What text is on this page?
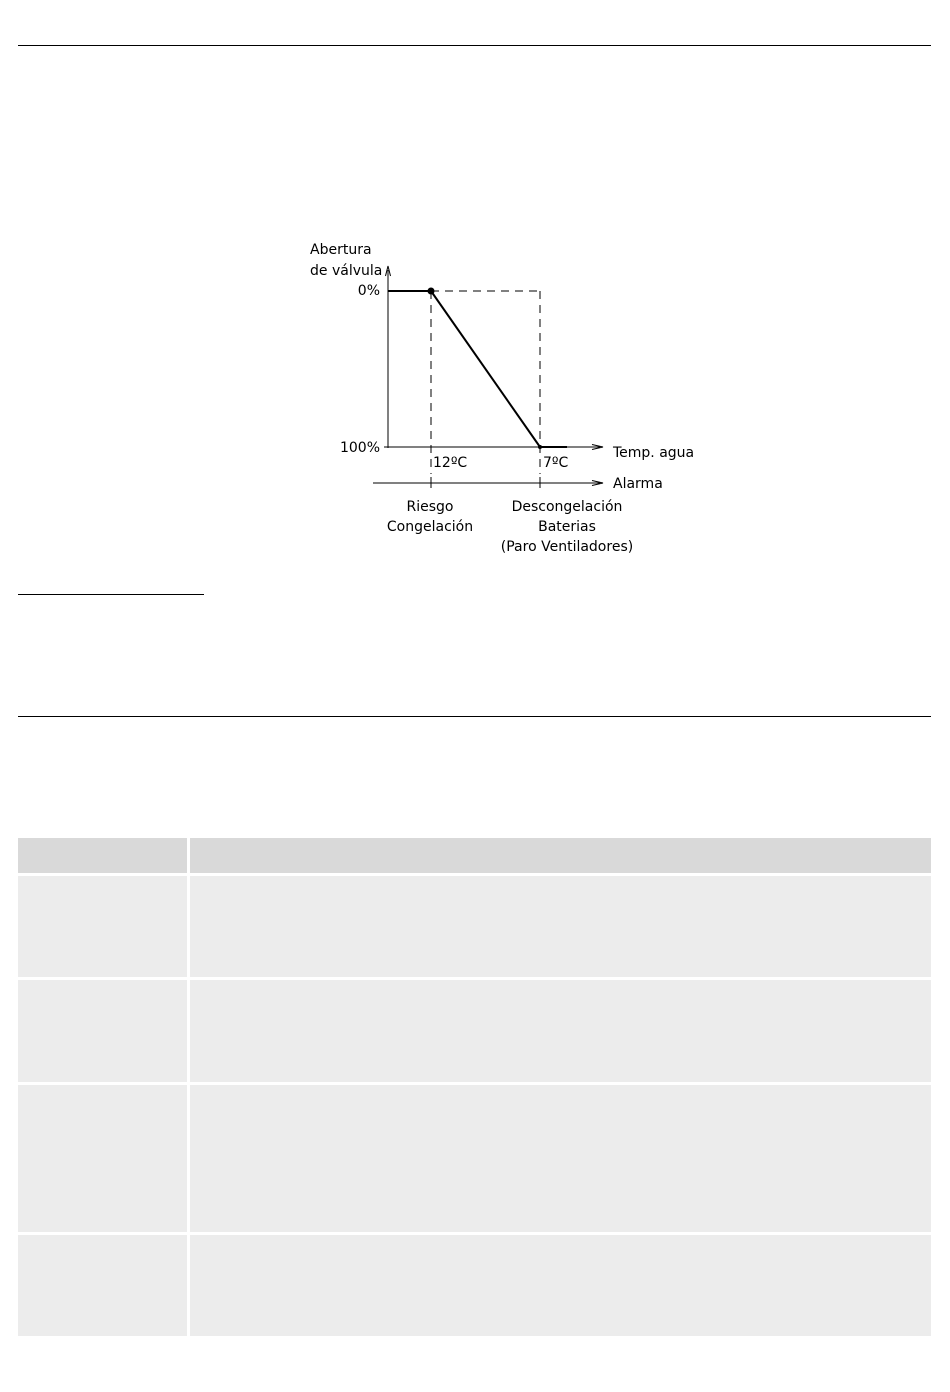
Abertura
de válvula
0%
100%	Temp. agua
Alarma
12ºC	7ºC
Riesgo
Congelación
Descongelación
Baterias
(Paro Ventiladores)
